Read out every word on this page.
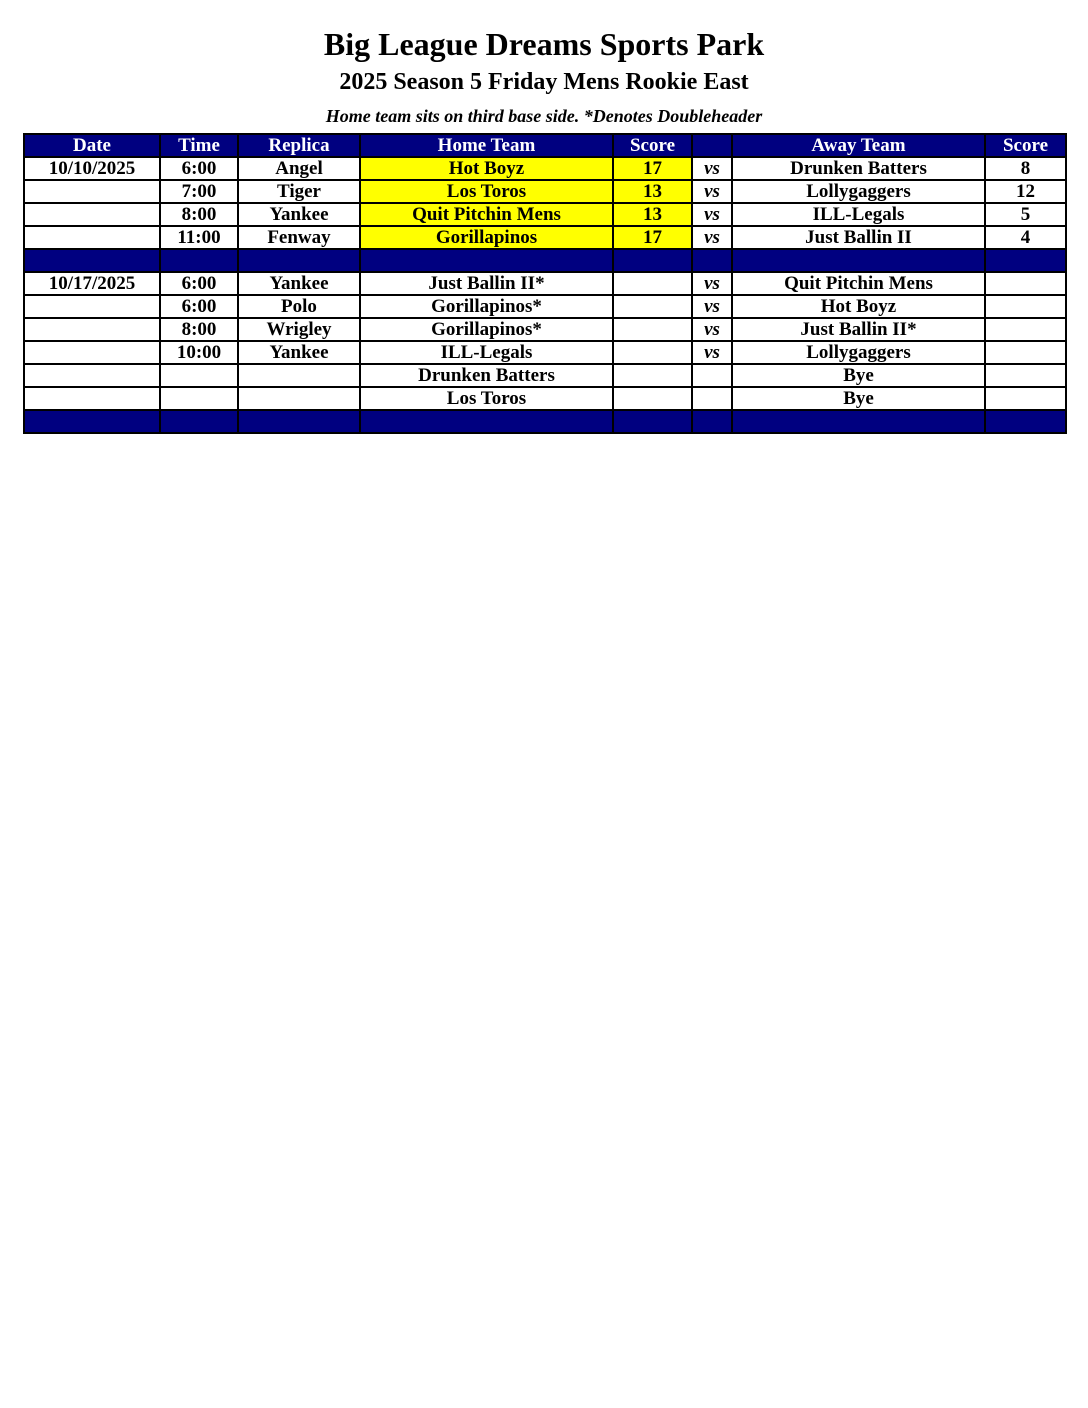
Big League Dreams Sports Park
2025 Season 5 Friday Mens Rookie East
Home team sits on third base side. *Denotes Doubleheader
Date	Time	Replica	Home Team	Score		Away Team	Score
10/10/2025	6:00	Angel	Hot Boyz	17	vs	Drunken Batters	8
	7:00	Tiger	Los Toros	13	vs	Lollygaggers	12
	8:00	Yankee	Quit Pitchin Mens	13	vs	ILL-Legals	5
	11:00	Fenway	Gorillapinos	17	vs	Just Ballin II	4

10/17/2025	6:00	Yankee	Just Ballin II*		vs	Quit Pitchin Mens	
	6:00	Polo	Gorillapinos*		vs	Hot Boyz	
	8:00	Wrigley	Gorillapinos*		vs	Just Ballin II*	
	10:00	Yankee	ILL-Legals		vs	Lollygaggers	
			Drunken Batters			Bye	
			Los Toros			Bye	
